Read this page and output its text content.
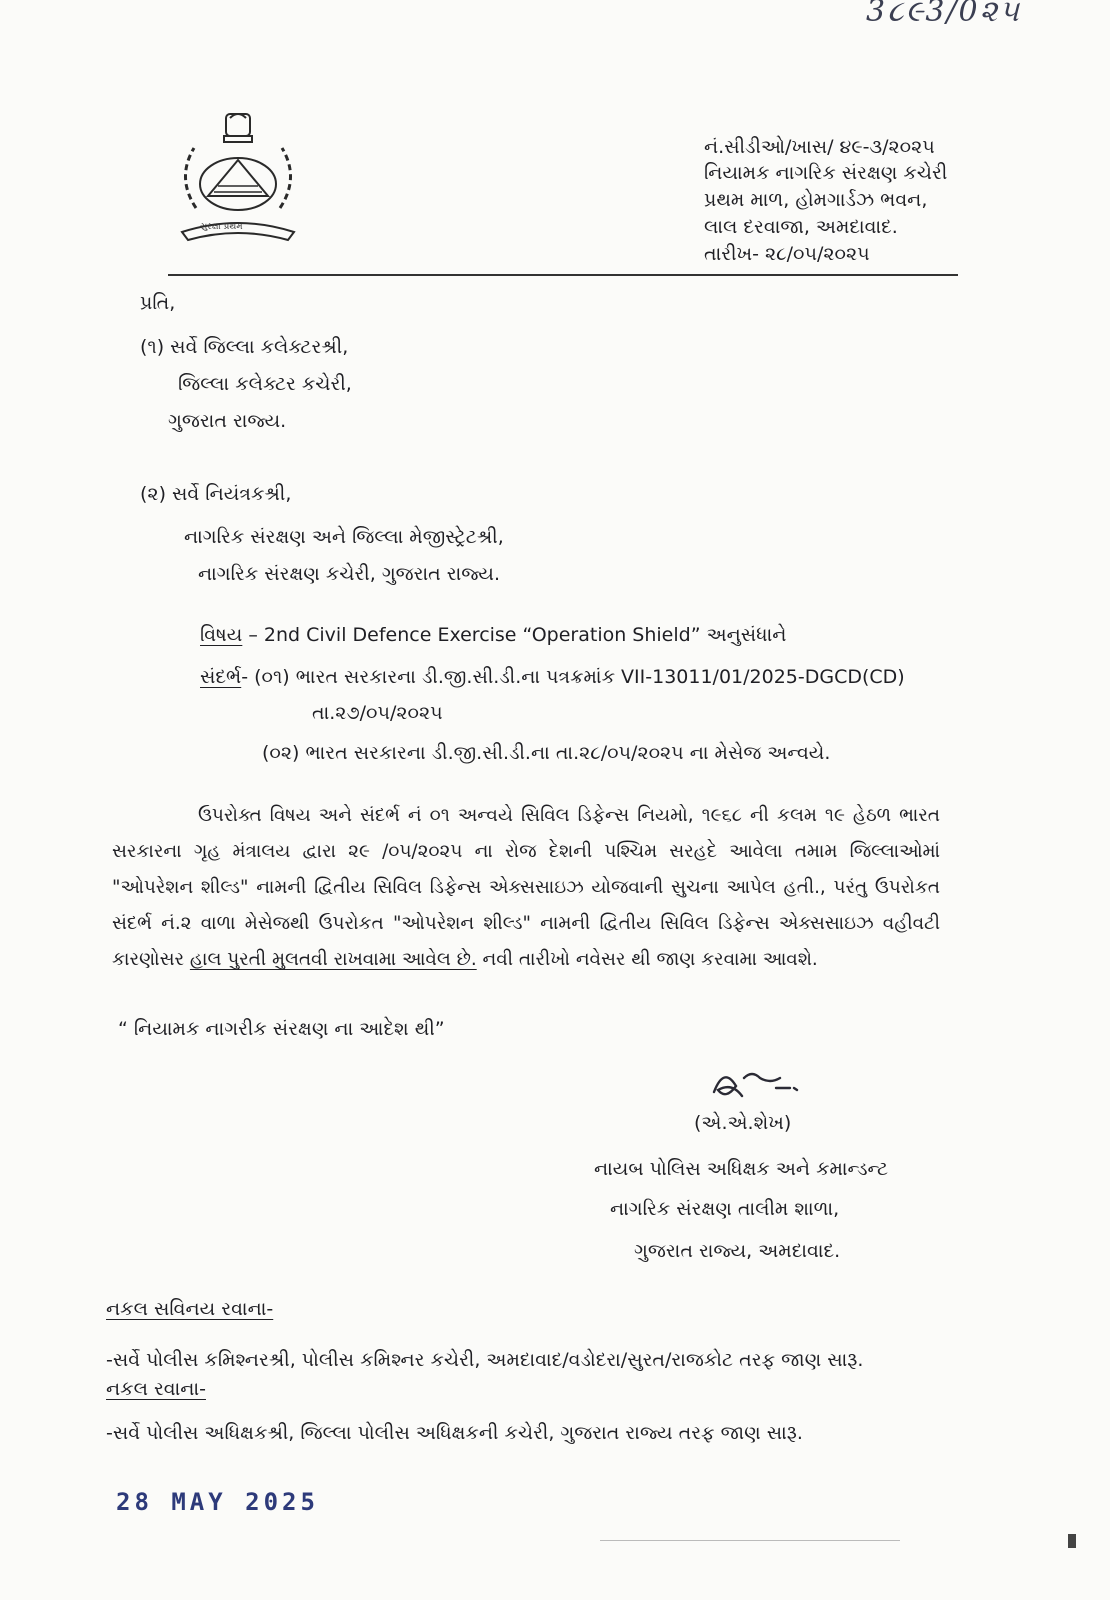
3૮૯3/0૨૫
સુરક્ષા પ્રથમ
નં.સીડીઓ/ખાસ/ ૪૯-૩/૨૦૨૫
નિયામક નાગરિક સંરક્ષણ કચેરી
પ્રથમ માળ, હોમગાર્ડઝ ભવન,
લાલ દરવાજા, અમદાવાદ.
તારીખ- ૨૮/૦૫/૨૦૨૫
પ્રતિ,
(૧) સર્વે જિલ્લા કલેક્ટરશ્રી,
જિલ્લા કલેક્ટર કચેરી,
ગુજરાત રાજ્ય.
(૨) સર્વે નિયંત્રકશ્રી,
નાગરિક સંરક્ષણ અને જિલ્લા મેજીસ્ટ્રેટશ્રી,
નાગરિક સંરક્ષણ કચેરી, ગુજરાત રાજ્ય.
વિષય – 2nd Civil Defence Exercise “Operation Shield” અનુસંધાને
સંદર્ભ- (૦૧) ભારત સરકારના ડી.જી.સી.ડી.ના પત્રક્રમાંક VII-13011/01/2025-DGCD(CD)
તા.૨૭/૦૫/૨૦૨૫
(૦૨) ભારત સરકારના ડી.જી.સી.ડી.ના તા.૨૮/૦૫/૨૦૨૫ ના મેસેજ અન્વયે.
ઉપરોક્ત વિષય અને સંદર્ભ નં ૦૧ અન્વયે સિવિલ ડિફેન્સ નિયમો, ૧૯૬૮ ની કલમ ૧૯ હેઠળ ભારત સરકારના ગૃહ મંત્રાલય દ્વારા ૨૯ /૦૫/૨૦૨૫ ના રોજ દેશની પશ્ચિમ સરહદે આવેલા તમામ જિલ્લાઓમાં "ઓપરેશન શીલ્ડ" નામની દ્વિતીય સિવિલ ડિફેન્સ એક્સસાઇઝ યોજવાની સુચના આપેલ હતી., પરંતુ ઉપરોકત સંદર્ભ નં.૨ વાળા મેસેજથી ઉપરોકત "ઓપરેશન શીલ્ડ" નામની દ્વિતીય સિવિલ ડિફેન્સ એક્સસાઇઝ વહીવટી કારણોસર હાલ પુરતી મુલતવી રાખવામા આવેલ છે. નવી તારીખો નવેસર થી જાણ કરવામા આવશે.
“ નિયામક નાગરીક સંરક્ષણ ના આદેશ થી”
(એ.એ.શેખ)
નાયબ પોલિસ અધિક્ષક અને કમાન્ડન્ટ
નાગરિક સંરક્ષણ તાલીમ શાળા,
ગુજરાત રાજ્ય, અમદાવાદ.
નકલ સવિનય રવાના-
-સર્વે પોલીસ કમિશ્નરશ્રી, પોલીસ કમિશ્નર કચેરી, અમદાવાદ/વડોદરા/સુરત/રાજકોટ તરફ જાણ સારૂ.
નકલ રવાના-
-સર્વે પોલીસ અધિક્ષકશ્રી, જિલ્લા પોલીસ અધિક્ષકની કચેરી, ગુજરાત રાજ્ય તરફ જાણ સારૂ.
28 MAY 2025
